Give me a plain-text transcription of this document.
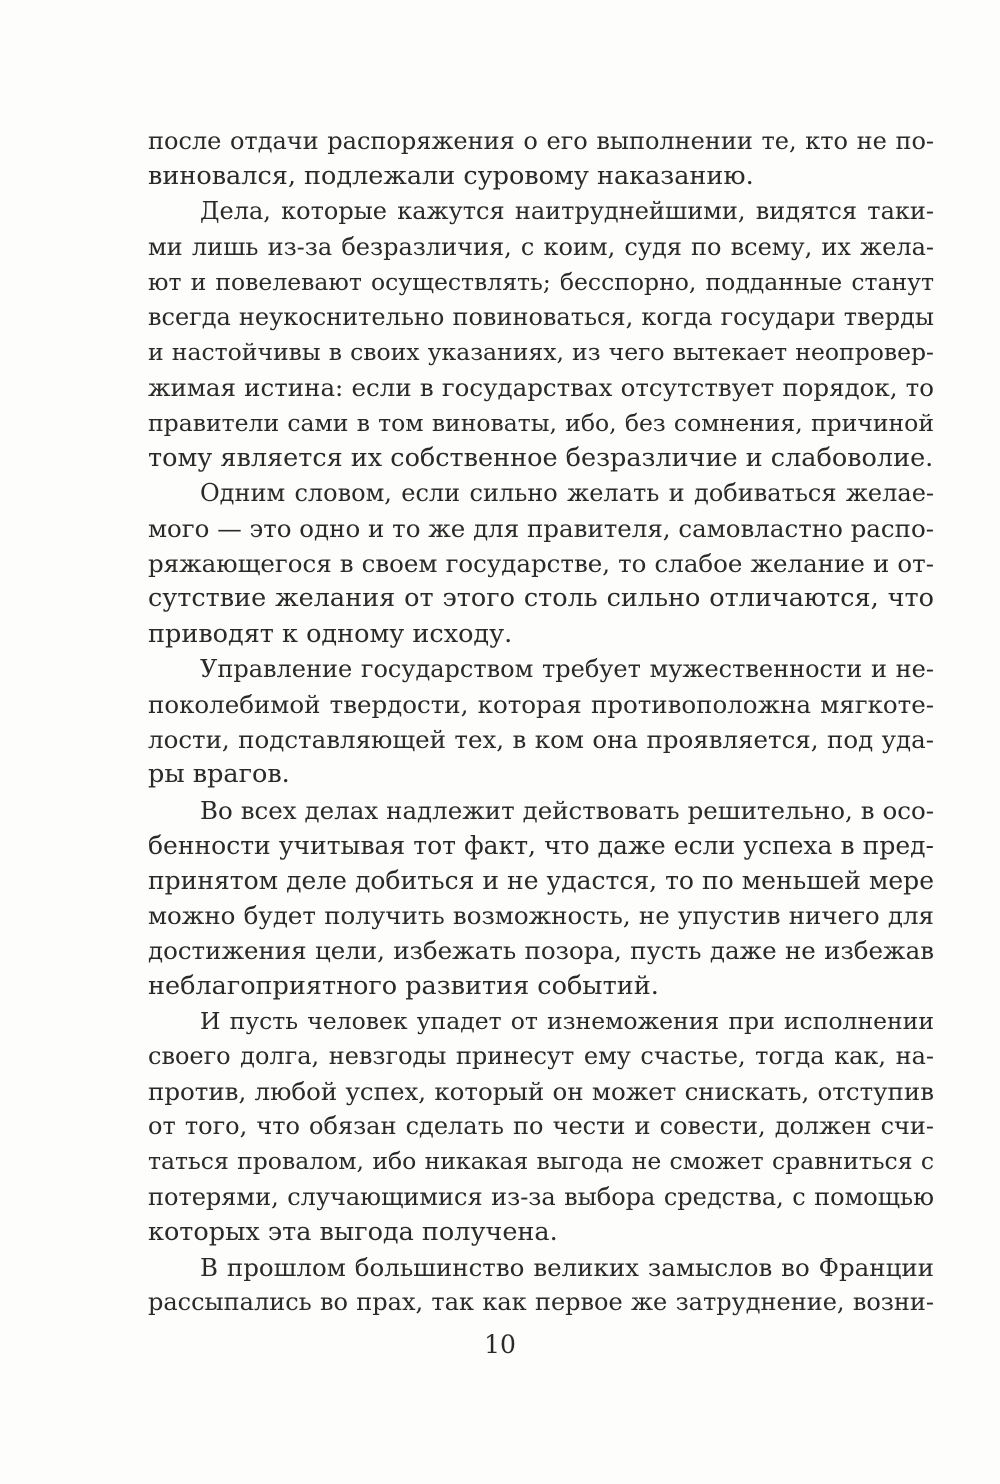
после отдачи распоряжения о его выполнении те, кто не по-
виновался, подлежали суровому наказанию.
Дела, которые кажутся наитруднейшими, видятся таки-
ми лишь из-за безразличия, с коим, судя по всему, их жела-
ют и повелевают осуществлять; бесспорно, подданные станут
всегда неукоснительно повиноваться, когда государи тверды
и настойчивы в своих указаниях, из чего вытекает неопровер-
жимая истина: если в государствах отсутствует порядок, то
правители сами в том виноваты, ибо, без сомнения, причиной
тому является их собственное безразличие и слабоволие.
Одним словом, если сильно желать и добиваться желае-
мого — это одно и то же для правителя, самовластно распо-
ряжающегося в своем государстве, то слабое желание и от-
сутствие желания от этого столь сильно отличаются, что
приводят к одному исходу.
Управление государством требует мужественности и не-
поколебимой твердости, которая противоположна мягкоте-
лости, подставляющей тех, в ком она проявляется, под уда-
ры врагов.
Во всех делах надлежит действовать решительно, в осо-
бенности учитывая тот факт, что даже если успеха в пред-
принятом деле добиться и не удастся, то по меньшей мере
можно будет получить возможность, не упустив ничего для
достижения цели, избежать позора, пусть даже не избежав
неблагоприятного развития событий.
И пусть человек упадет от изнеможения при исполнении
своего долга, невзгоды принесут ему счастье, тогда как, на-
против, любой успех, который он может снискать, отступив
от того, что обязан сделать по чести и совести, должен счи-
таться провалом, ибо никакая выгода не сможет сравниться с
потерями, случающимися из-за выбора средства, с помощью
которых эта выгода получена.
В прошлом большинство великих замыслов во Франции
рассыпались во прах, так как первое же затруднение, возни-
10
